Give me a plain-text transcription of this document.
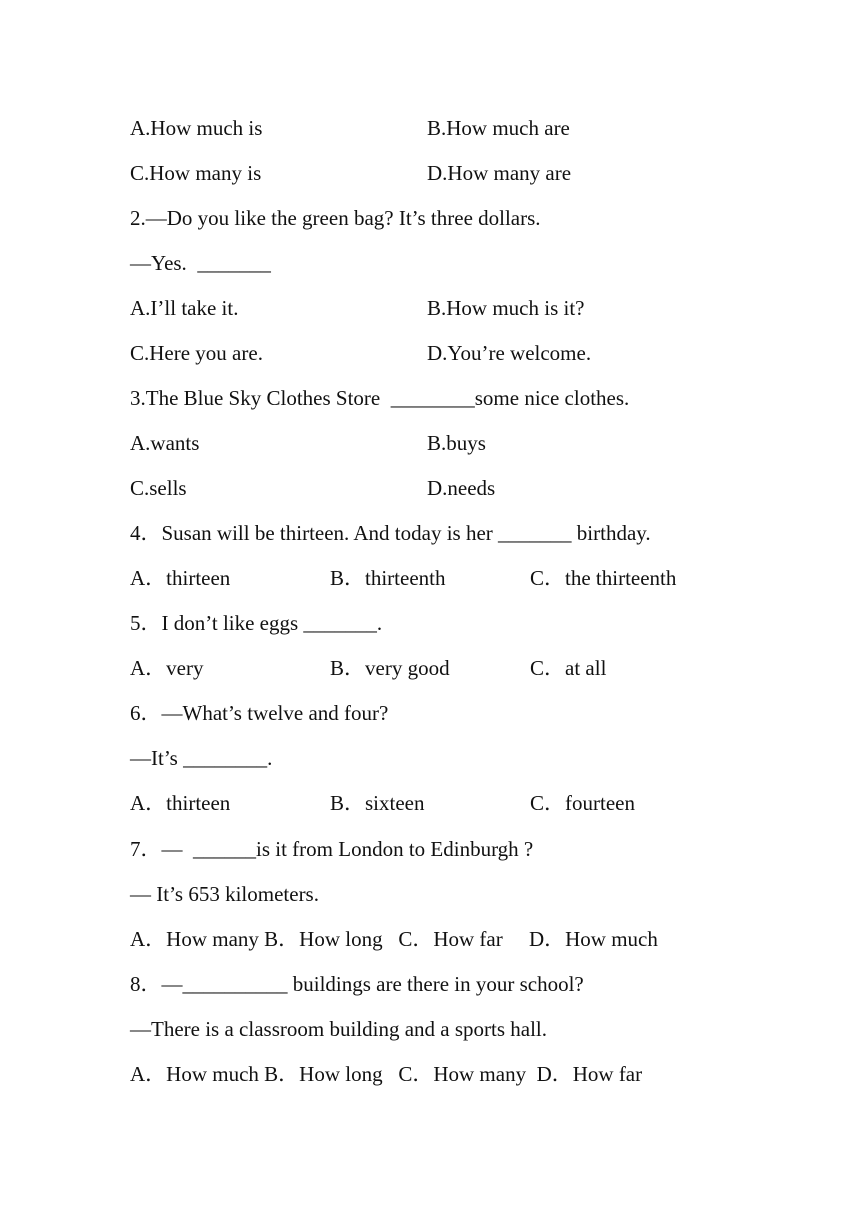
A.How much is	B.How much are
C.How many is	D.How many are
2.—Do you like the green bag? It’s three dollars.
—Yes.  _______
A.I’ll take it.	B.How much is it?
C.Here you are.	D.You’re welcome.
3.The Blue Sky Clothes Store  ________some nice clothes.
A.wants	B.buys
C.sells	D.needs
4．Susan will be thirteen. And today is her _______ birthday.
A．thirteen	B．thirteenth	C．the thirteenth
5．I don’t like eggs _______.
A．very	B．very good	C．at all
6．—What’s twelve and four?
—It’s ________.
A．thirteen	B．sixteen	C．fourteen
7．—  ______is it from London to Edinburgh ?
— It’s 653 kilometers.
A．How many B．How long   C．How far     D．How much
8．—__________ buildings are there in your school?
—There is a classroom building and a sports hall.
A．How much B．How long   C．How many  D．How far
